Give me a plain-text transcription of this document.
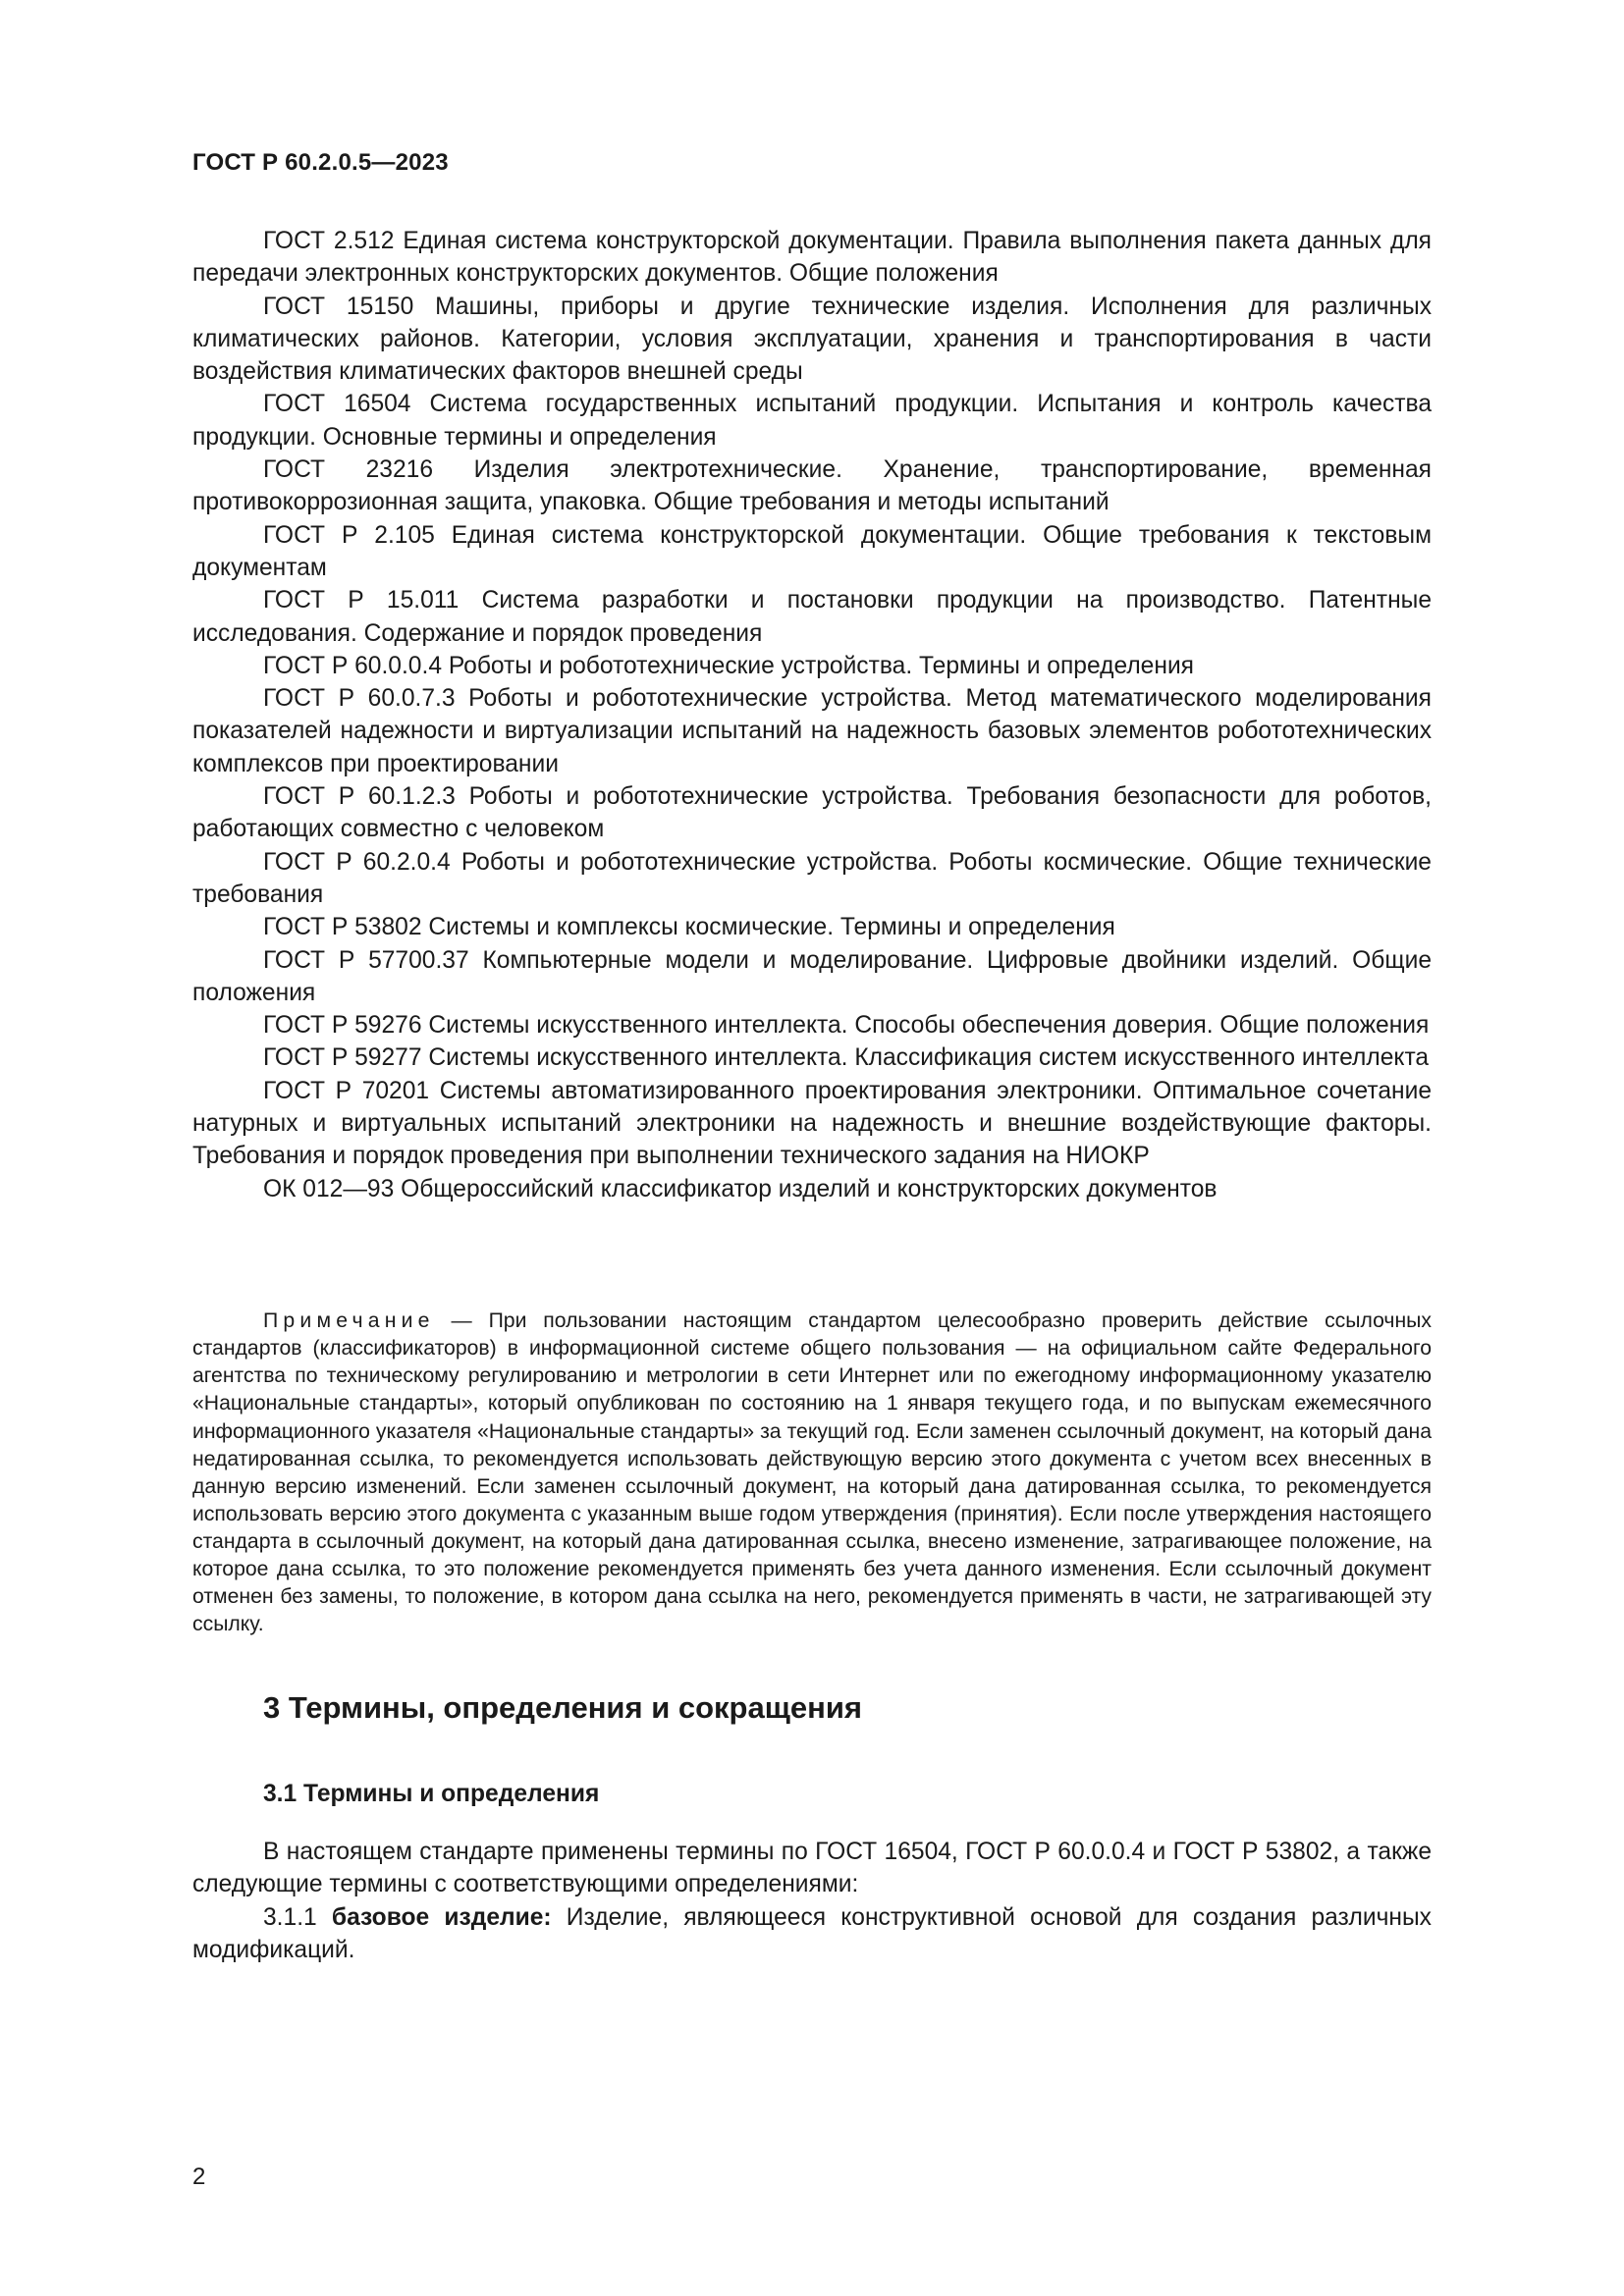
ГОСТ Р 60.2.0.5—2023

ГОСТ 2.512 Единая система конструкторской документации. Правила выполнения пакета данных для передачи электронных конструкторских документов. Общие положения

ГОСТ 15150 Машины, приборы и другие технические изделия. Исполнения для различных климатических районов. Категории, условия эксплуатации, хранения и транспортирования в части воздействия климатических факторов внешней среды

ГОСТ 16504 Система государственных испытаний продукции. Испытания и контроль качества продукции. Основные термины и определения

ГОСТ 23216 Изделия электротехнические. Хранение, транспортирование, временная противокоррозионная защита, упаковка. Общие требования и методы испытаний

ГОСТ Р 2.105 Единая система конструкторской документации. Общие требования к текстовым документам

ГОСТ Р 15.011 Система разработки и постановки продукции на производство. Патентные исследования. Содержание и порядок проведения

ГОСТ Р 60.0.0.4 Роботы и робототехнические устройства. Термины и определения

ГОСТ Р 60.0.7.3 Роботы и робототехнические устройства. Метод математического моделирования показателей надежности и виртуализации испытаний на надежность базовых элементов робототехнических комплексов при проектировании

ГОСТ Р 60.1.2.3 Роботы и робототехнические устройства. Требования безопасности для роботов, работающих совместно с человеком

ГОСТ Р 60.2.0.4 Роботы и робототехнические устройства. Роботы космические. Общие технические требования

ГОСТ Р 53802 Системы и комплексы космические. Термины и определения

ГОСТ Р 57700.37 Компьютерные модели и моделирование. Цифровые двойники изделий. Общие положения

ГОСТ Р 59276 Системы искусственного интеллекта. Способы обеспечения доверия. Общие положения

ГОСТ Р 59277 Системы искусственного интеллекта. Классификация систем искусственного интеллекта

ГОСТ Р 70201 Системы автоматизированного проектирования электроники. Оптимальное сочетание натурных и виртуальных испытаний электроники на надежность и внешние воздействующие факторы. Требования и порядок проведения при выполнении технического задания на НИОКР

ОК 012—93 Общероссийский классификатор изделий и конструкторских документов

Примечание — При пользовании настоящим стандартом целесообразно проверить действие ссылочных стандартов (классификаторов) в информационной системе общего пользования — на официальном сайте Федерального агентства по техническому регулированию и метрологии в сети Интернет или по ежегодному информационному указателю «Национальные стандарты», который опубликован по состоянию на 1 января текущего года, и по выпускам ежемесячного информационного указателя «Национальные стандарты» за текущий год. Если заменен ссылочный документ, на который дана недатированная ссылка, то рекомендуется использовать действующую версию этого документа с учетом всех внесенных в данную версию изменений. Если заменен ссылочный документ, на который дана датированная ссылка, то рекомендуется использовать версию этого документа с указанным выше годом утверждения (принятия). Если после утверждения настоящего стандарта в ссылочный документ, на который дана датированная ссылка, внесено изменение, затрагивающее положение, на которое дана ссылка, то это положение рекомендуется применять без учета данного изменения. Если ссылочный документ отменен без замены, то положение, в котором дана ссылка на него, рекомендуется применять в части, не затрагивающей эту ссылку.

3 Термины, определения и сокращения
3.1 Термины и определения

В настоящем стандарте применены термины по ГОСТ 16504, ГОСТ Р 60.0.0.4 и ГОСТ Р 53802, а также следующие термины с соответствующими определениями:

3.1.1 базовое изделие: Изделие, являющееся конструктивной основой для создания различных модификаций.

2
